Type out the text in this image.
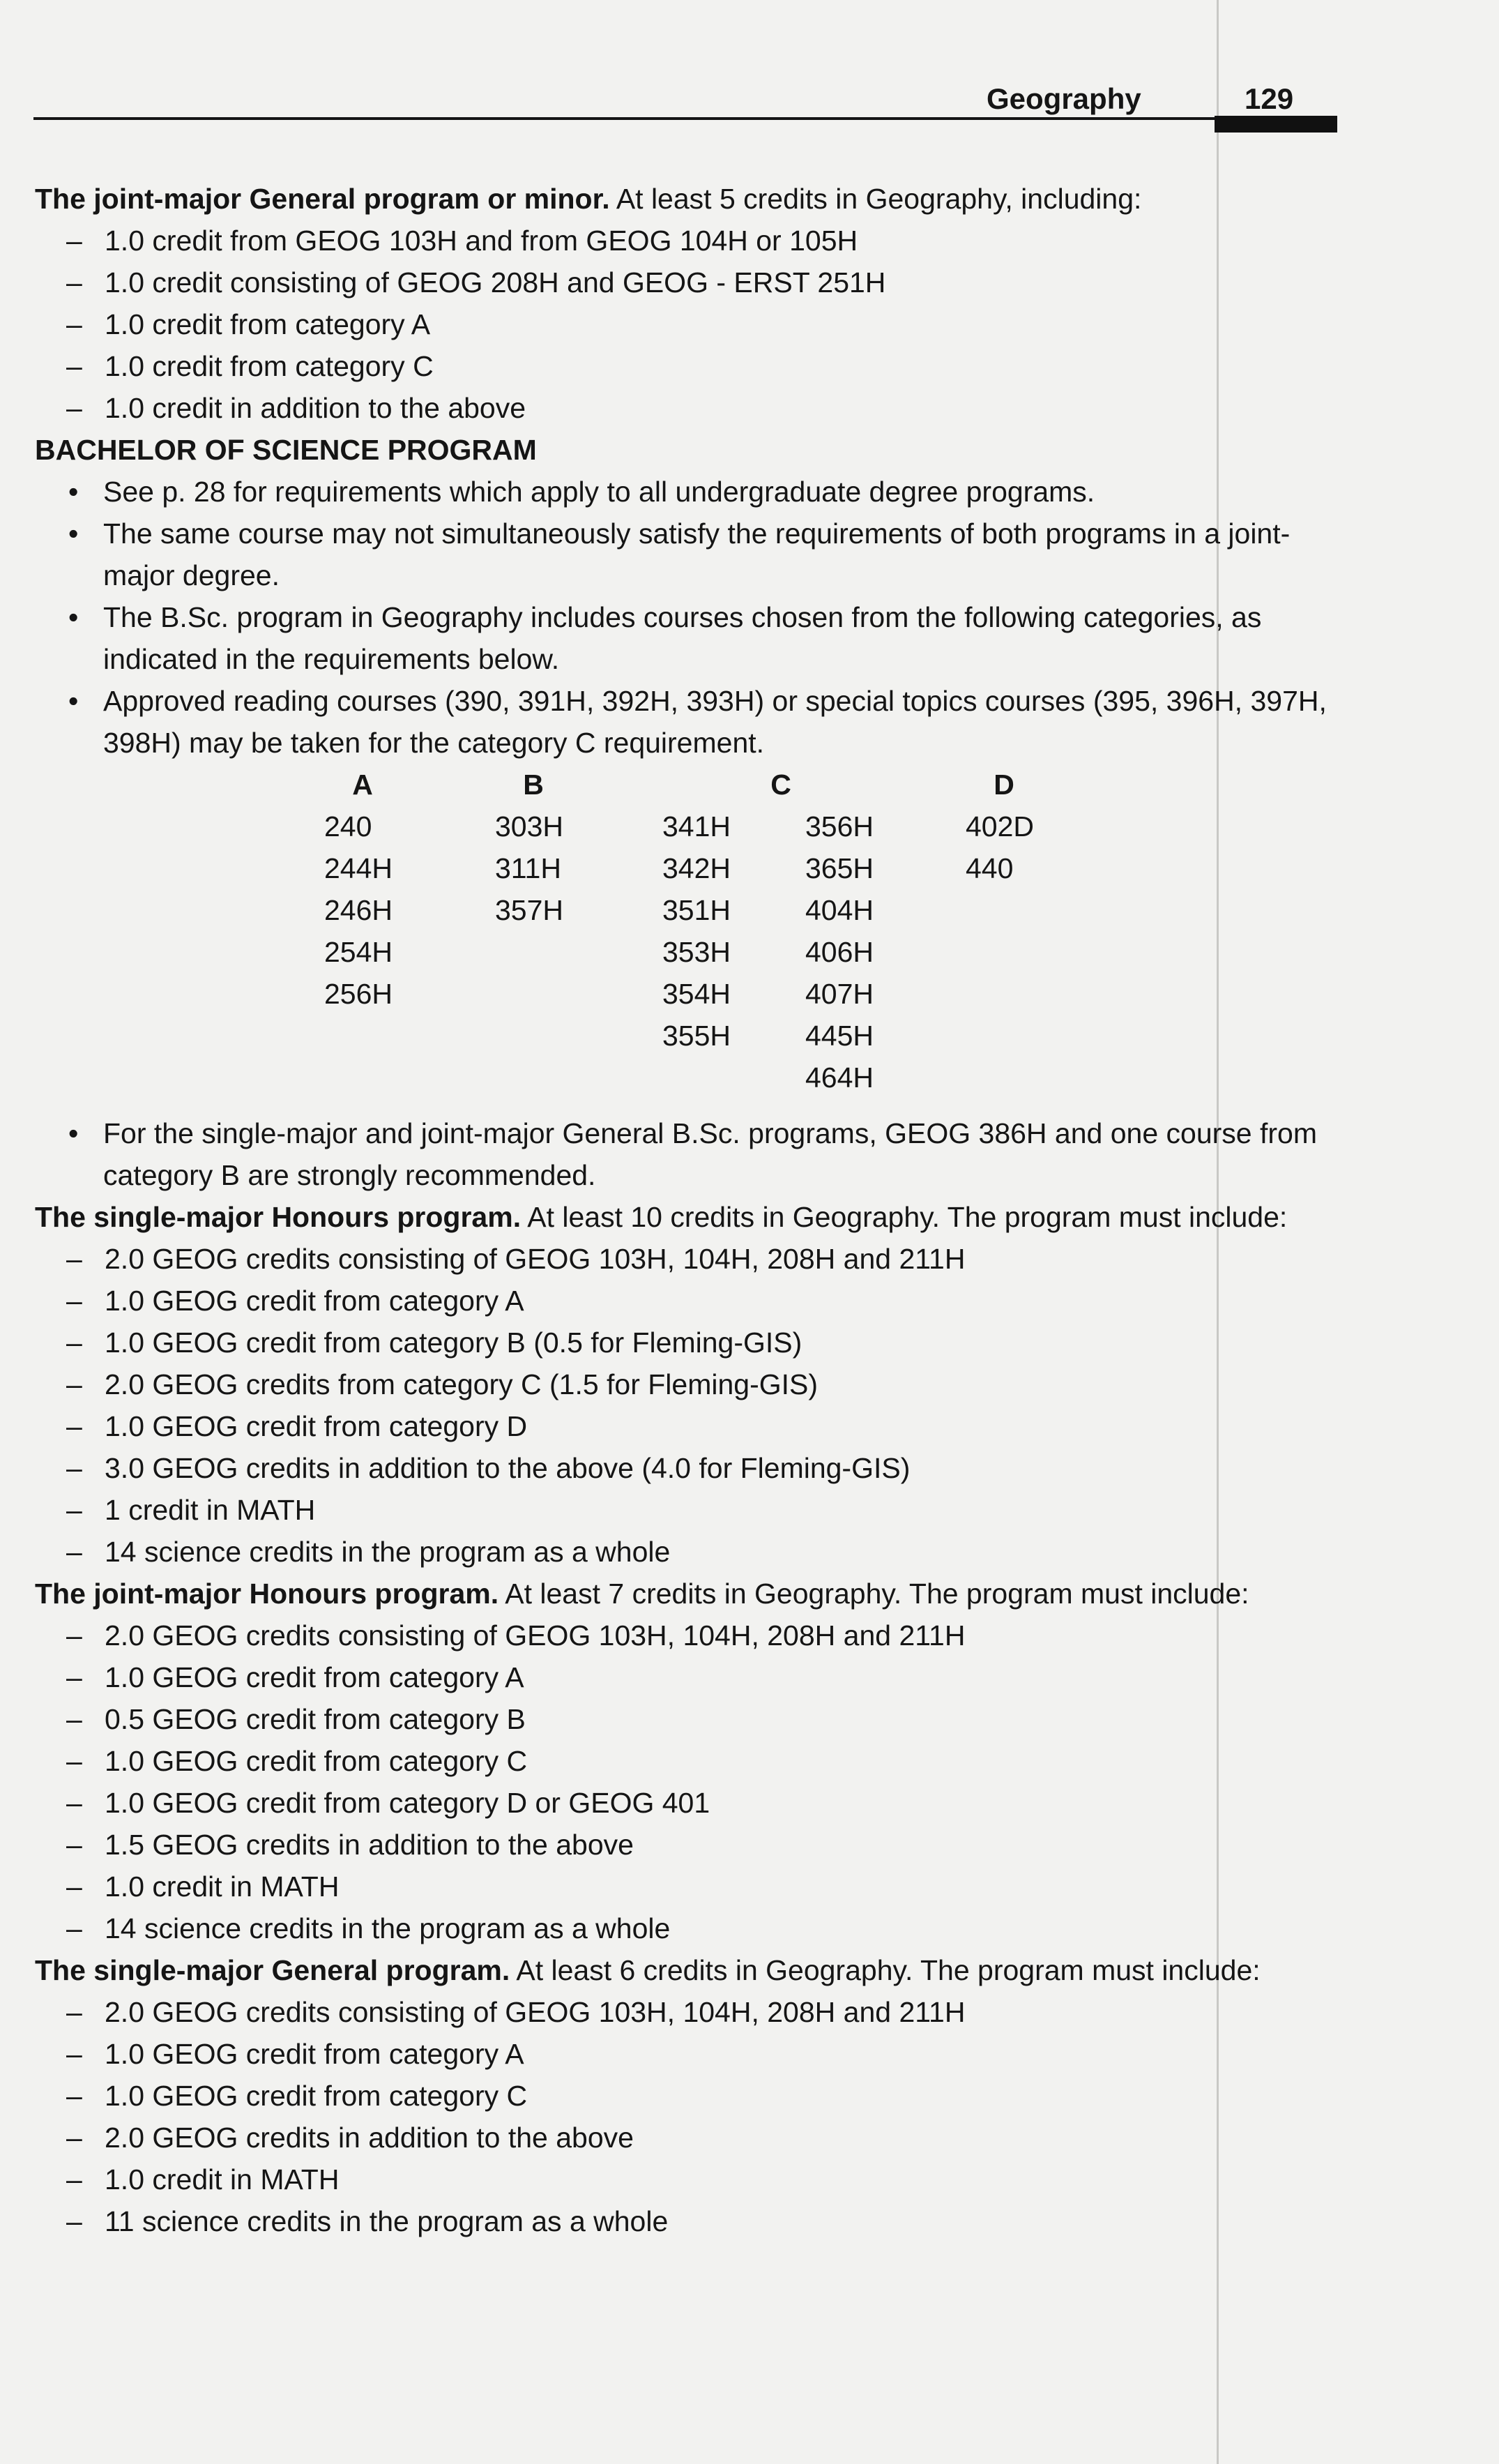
Geography	129

The joint-major General program or minor. At least 5 credits in Geography, including:

– 1.0 credit from GEOG 103H and from GEOG 104H or 105H
– 1.0 credit consisting of GEOG 208H and GEOG - ERST 251H
– 1.0 credit from category A
– 1.0 credit from category C
– 1.0 credit in addition to the above

BACHELOR OF SCIENCE PROGRAM

• See p. 28 for requirements which apply to all undergraduate degree programs.
• The same course may not simultaneously satisfy the requirements of both programs in a joint-
major degree.
• The B.Sc. program in Geography includes courses chosen from the following categories, as
indicated in the requirements below.
• Approved reading courses (390, 391H, 392H, 393H) or special topics courses (395, 396H, 397H,
398H) may be taken for the category C requirement.
A
240
244H
246H
254H
256H
B
303H
311H
357H
C
341H
342H
351H
353H
354H
355H
356H
365H
404H
406H
407H
445H
464H
D
402D
440
• For the single-major and joint-major General B.Sc. programs, GEOG 386H and one course from
category B are strongly recommended.

The single-major Honours program. At least 10 credits in Geography. The program must include:

– 2.0 GEOG credits consisting of GEOG 103H, 104H, 208H and 211H
– 1.0 GEOG credit from category A
– 1.0 GEOG credit from category B (0.5 for Fleming-GIS)
– 2.0 GEOG credits from category C (1.5 for Fleming-GIS)
– 1.0 GEOG credit from category D
– 3.0 GEOG credits in addition to the above (4.0 for Fleming-GIS)
– 1 credit in MATH
– 14 science credits in the program as a whole

The joint-major Honours program. At least 7 credits in Geography. The program must include:

– 2.0 GEOG credits consisting of GEOG 103H, 104H, 208H and 211H
– 1.0 GEOG credit from category A
– 0.5 GEOG credit from category B
– 1.0 GEOG credit from category C
– 1.0 GEOG credit from category D or GEOG 401
– 1.5 GEOG credits in addition to the above
– 1.0 credit in MATH
– 14 science credits in the program as a whole

The single-major General program. At least 6 credits in Geography. The program must include:

– 2.0 GEOG credits consisting of GEOG 103H, 104H, 208H and 211H
– 1.0 GEOG credit from category A
– 1.0 GEOG credit from category C
– 2.0 GEOG credits in addition to the above
– 1.0 credit in MATH
– 11 science credits in the program as a whole
